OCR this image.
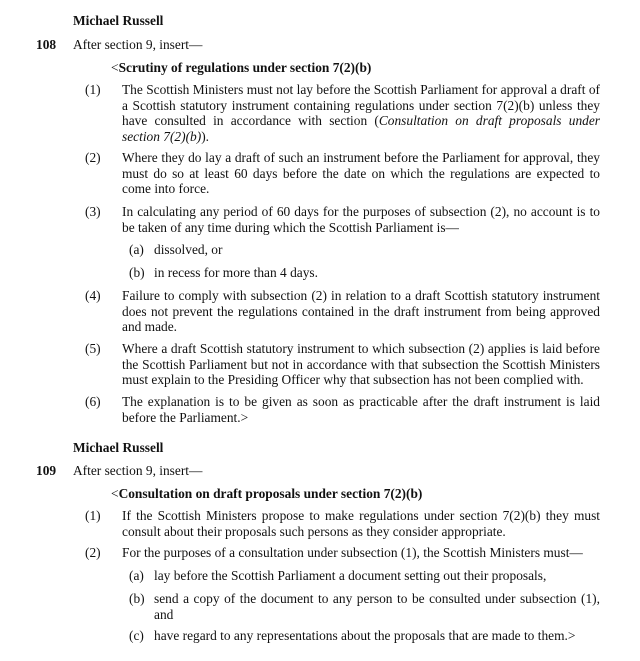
Michael Russell
108 After section 9, insert—
<Scrutiny of regulations under section 7(2)(b)
(1)	The Scottish Ministers must not lay before the Scottish Parliament for approval a draft of a Scottish statutory instrument containing regulations under section 7(2)(b) unless they have consulted in accordance with section (Consultation on draft proposals under section 7(2)(b)).
(2)	Where they do lay a draft of such an instrument before the Parliament for approval, they must do so at least 60 days before the date on which the regulations are expected to come into force.
(3)	In calculating any period of 60 days for the purposes of subsection (2), no account is to be taken of any time during which the Scottish Parliament is—
(a) dissolved, or
(b) in recess for more than 4 days.
(4)	Failure to comply with subsection (2) in relation to a draft Scottish statutory instrument does not prevent the regulations contained in the draft instrument from being approved and made.
(5)	Where a draft Scottish statutory instrument to which subsection (2) applies is laid before the Scottish Parliament but not in accordance with that subsection the Scottish Ministers must explain to the Presiding Officer why that subsection has not been complied with.
(6)	The explanation is to be given as soon as practicable after the draft instrument is laid before the Parliament.>
Michael Russell
109 After section 9, insert—
<Consultation on draft proposals under section 7(2)(b)
(1)	If the Scottish Ministers propose to make regulations under section 7(2)(b) they must consult about their proposals such persons as they consider appropriate.
(2)	For the purposes of a consultation under subsection (1), the Scottish Ministers must—
(a) lay before the Scottish Parliament a document setting out their proposals,
(b) send a copy of the document to any person to be consulted under subsection (1), and
(c) have regard to any representations about the proposals that are made to them.>
